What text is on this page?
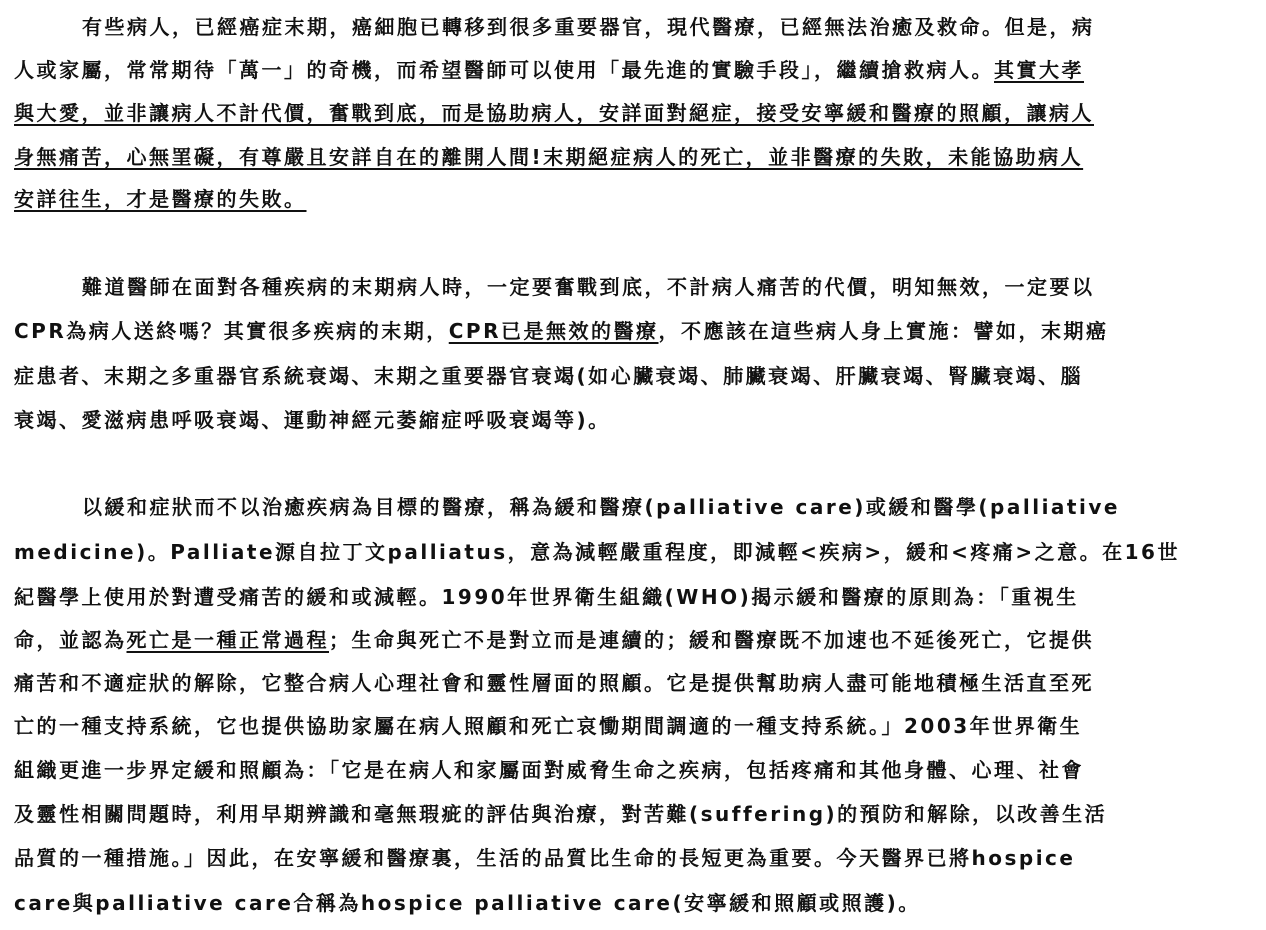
有些病人，已經癌症末期，癌細胞已轉移到很多重要器官，現代醫療，已經無法治癒及救命。但是，病
人或家屬，常常期待「萬一」的奇機，而希望醫師可以使用「最先進的實驗手段」，繼續搶救病人。其實大孝
與大愛，並非讓病人不計代價，奮戰到底，而是協助病人，安詳面對絕症，接受安寧緩和醫療的照顧，讓病人
身無痛苦，心無罣礙，有尊嚴且安詳自在的離開人間!末期絕症病人的死亡，並非醫療的失敗，未能協助病人
安詳往生，才是醫療的失敗。
難道醫師在面對各種疾病的末期病人時，一定要奮戰到底，不計病人痛苦的代價，明知無效，一定要以
CPR為病人送終嗎？其實很多疾病的末期，CPR已是無效的醫療，不應該在這些病人身上實施：譬如，末期癌
症患者、末期之多重器官系統衰竭、末期之重要器官衰竭(如心臟衰竭、肺臟衰竭、肝臟衰竭、腎臟衰竭、腦
衰竭、愛滋病患呼吸衰竭、運動神經元萎縮症呼吸衰竭等)。
以緩和症狀而不以治癒疾病為目標的醫療，稱為緩和醫療(palliative care)或緩和醫學(palliative
medicine)。Palliate源自拉丁文palliatus，意為減輕嚴重程度，即減輕<疾病>，緩和<疼痛>之意。在16世
紀醫學上使用於對遭受痛苦的緩和或減輕。1990年世界衛生組織(WHO)揭示緩和醫療的原則為：「重視生
命，並認為死亡是一種正常過程；生命與死亡不是對立而是連續的；緩和醫療既不加速也不延後死亡，它提供
痛苦和不適症狀的解除，它整合病人心理社會和靈性層面的照顧。它是提供幫助病人盡可能地積極生活直至死
亡的一種支持系統，它也提供協助家屬在病人照顧和死亡哀慟期間調適的一種支持系統。」2003年世界衛生
組織更進一步界定緩和照顧為：「它是在病人和家屬面對威脅生命之疾病，包括疼痛和其他身體、心理、社會
及靈性相關問題時，利用早期辨識和毫無瑕疵的評估與治療，對苦難(suffering)的預防和解除，以改善生活
品質的一種措施。」因此，在安寧緩和醫療裏，生活的品質比生命的長短更為重要。今天醫界已將hospice
care與palliative care合稱為hospice palliative care(安寧緩和照顧或照護)。
